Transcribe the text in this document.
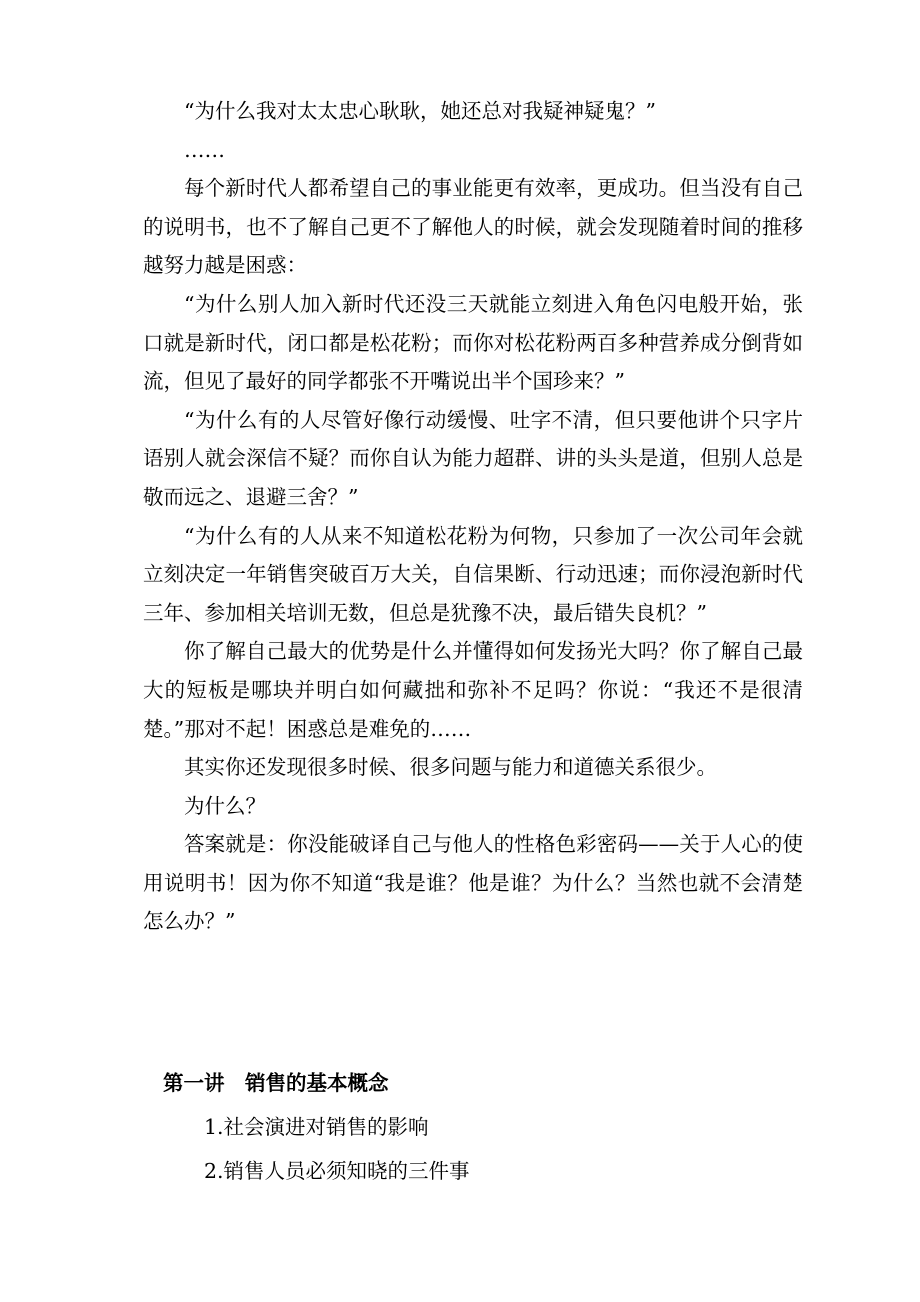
“为什么我对太太忠心耿耿，她还总对我疑神疑鬼？”

……

每个新时代人都希望自己的事业能更有效率，更成功。但当没有自己的说明书，也不了解自己更不了解他人的时候，就会发现随着时间的推移越努力越是困惑：

“为什么别人加入新时代还没三天就能立刻进入角色闪电般开始，张口就是新时代，闭口都是松花粉；而你对松花粉两百多种营养成分倒背如流，但见了最好的同学都张不开嘴说出半个国珍来？”

“为什么有的人尽管好像行动缓慢、吐字不清，但只要他讲个只字片语别人就会深信不疑？而你自认为能力超群、讲的头头是道，但别人总是敬而远之、退避三舍？”

“为什么有的人从来不知道松花粉为何物，只参加了一次公司年会就立刻决定一年销售突破百万大关，自信果断、行动迅速；而你浸泡新时代三年、参加相关培训无数，但总是犹豫不决，最后错失良机？”

你了解自己最大的优势是什么并懂得如何发扬光大吗？你了解自己最大的短板是哪块并明白如何藏拙和弥补不足吗？你说：“我还不是很清楚。”那对不起！困惑总是难免的……

其实你还发现很多时候、很多问题与能力和道德关系很少。

为什么？

答案就是：你没能破译自己与他人的性格色彩密码——关于人心的使用说明书！因为你不知道“我是谁？他是谁？为什么？当然也就不会清楚怎么办？”

第一讲　销售的基本概念
1.社会演进对销售的影响
2.销售人员必须知晓的三件事
